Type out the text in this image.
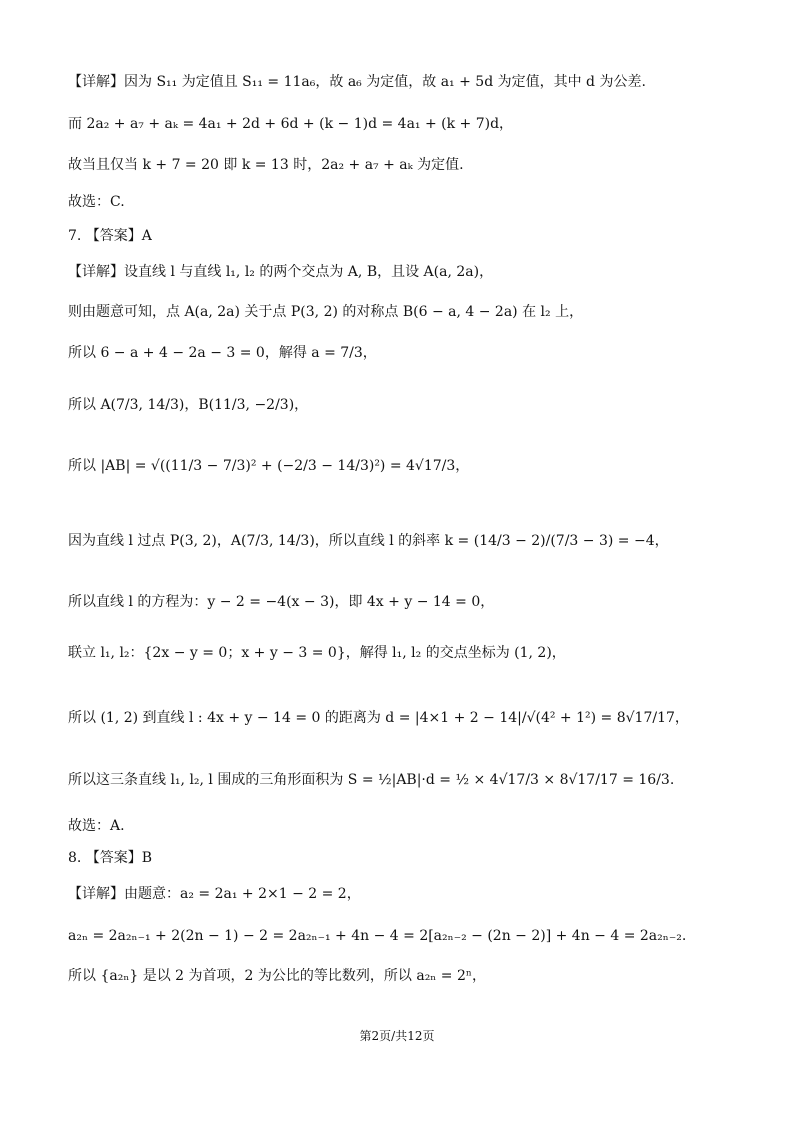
【详解】因为 S₁₁ 为定值且 S₁₁ = 11a₆，故 a₆ 为定值，故 a₁ + 5d 为定值，其中 d 为公差.
而 2a₂ + a₇ + aₖ = 4a₁ + 2d + 6d + (k − 1)d = 4a₁ + (k + 7)d，
故当且仅当 k + 7 = 20 即 k = 13 时，2a₂ + a₇ + aₖ 为定值.
故选：C.
7. 【答案】A
【详解】设直线 l 与直线 l₁, l₂ 的两个交点为 A, B，且设 A(a, 2a)，
则由题意可知，点 A(a, 2a) 关于点 P(3, 2) 的对称点 B(6 − a, 4 − 2a) 在 l₂ 上，
所以 6 − a + 4 − 2a − 3 = 0，解得 a = 7/3，
所以 A(7/3, 14/3)，B(11/3, −2/3)，
所以 |AB| = √((11/3 − 7/3)² + (−2/3 − 14/3)²) = 4√17/3，
因为直线 l 过点 P(3, 2)，A(7/3, 14/3)，所以直线 l 的斜率 k = (14/3 − 2)/(7/3 − 3) = −4，
所以直线 l 的方程为：y − 2 = −4(x − 3)，即 4x + y − 14 = 0，
联立 l₁, l₂：{2x − y = 0；x + y − 3 = 0}，解得 l₁, l₂ 的交点坐标为 (1, 2)，
所以 (1, 2) 到直线 l : 4x + y − 14 = 0 的距离为 d = |4×1 + 2 − 14|/√(4² + 1²) = 8√17/17，
所以这三条直线 l₁, l₂, l 围成的三角形面积为 S = ½|AB|·d = ½ × 4√17/3 × 8√17/17 = 16/3.
故选：A.
8. 【答案】B
【详解】由题意：a₂ = 2a₁ + 2×1 − 2 = 2，
a₂ₙ = 2a₂ₙ₋₁ + 2(2n − 1) − 2 = 2a₂ₙ₋₁ + 4n − 4 = 2[a₂ₙ₋₂ − (2n − 2)] + 4n − 4 = 2a₂ₙ₋₂.
所以 {a₂ₙ} 是以 2 为首项，2 为公比的等比数列，所以 a₂ₙ = 2ⁿ，
第2页/共12页
